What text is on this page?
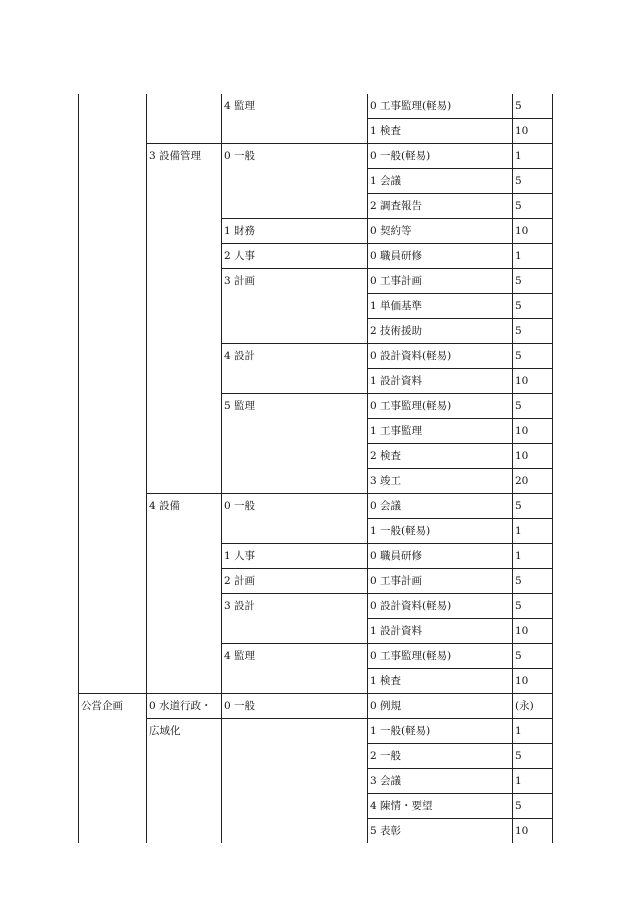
		4 監理	0 工事監理(軽易)	5
			1 検査	10
	3 設備管理	0 一般	0 一般(軽易)	1
			1 会議	5
			2 調査報告	5
		1 財務	0 契約等	10
		2 人事	0 職員研修	1
		3 計画	0 工事計画	5
			1 単価基準	5
			2 技術援助	5
		4 設計	0 設計資料(軽易)	5
			1 設計資料	10
		5 監理	0 工事監理(軽易)	5
			1 工事監理	10
			2 検査	10
			3 竣工	20
	4 設備	0 一般	0 会議	5
			1 一般(軽易)	1
		1 人事	0 職員研修	1
		2 計画	0 工事計画	5
		3 設計	0 設計資料(軽易)	5
			1 設計資料	10
		4 監理	0 工事監理(軽易)	5
			1 検査	10
公営企画	0 水道行政・	0 一般	0 例規	(永)
	広域化		1 一般(軽易)	1
			2 一般	5
			3 会議	1
			4 陳情・要望	5
			5 表彰	10
